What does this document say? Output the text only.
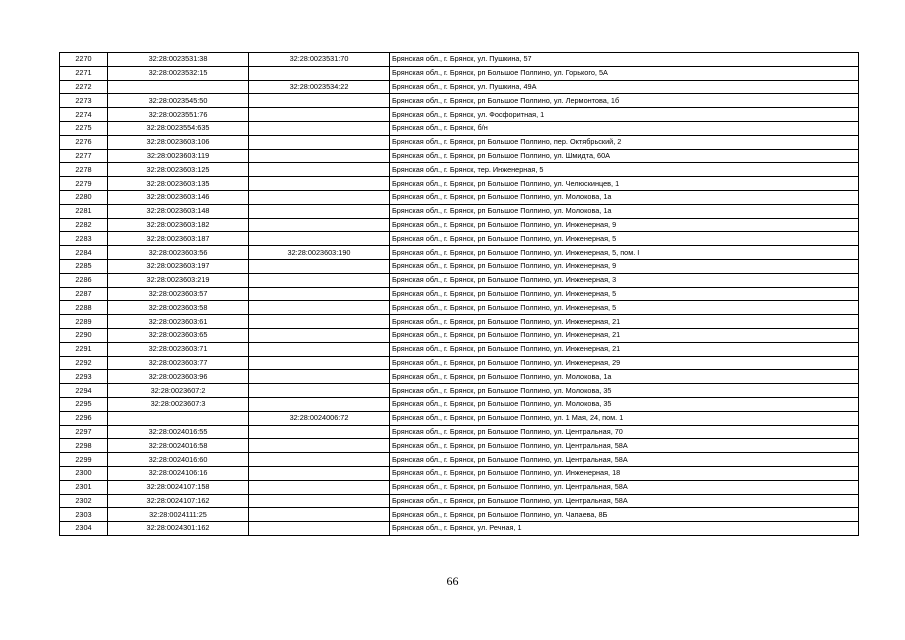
2270	32:28:0023531:38	32:28:0023531:70	Брянская обл., г. Брянск, ул. Пушкина, 57
2271	32:28:0023532:15		Брянская обл., г. Брянск, рп Большое Полпино, ул. Горького, 5А
2272		32:28:0023534:22	Брянская обл., г. Брянск, ул. Пушкина, 49А
2273	32:28:0023545:50		Брянская обл., г. Брянск, рп Большое Полпино, ул. Лермонтова, 1б
2274	32:28:0023551:76		Брянская обл., г. Брянск, ул. Фосфоритная, 1
2275	32:28:0023554:635		Брянская обл., г. Брянск, б/н
2276	32:28:0023603:106		Брянская обл., г. Брянск, рп Большое Полпино, пер. Октябрьский, 2
2277	32:28:0023603:119		Брянская обл., г. Брянск, рп Большое Полпино, ул. Шмидта, 60А
2278	32:28:0023603:125		Брянская обл., г. Брянск, тер. Инженерная, 5
2279	32:28:0023603:135		Брянская обл., г. Брянск, рп Большое Полпино, ул. Челюскинцев, 1
2280	32:28:0023603:146		Брянская обл., г. Брянск, рп Большое Полпино, ул. Молокова, 1а
2281	32:28:0023603:148		Брянская обл., г. Брянск, рп Большое Полпино, ул. Молокова, 1а
2282	32:28:0023603:182		Брянская обл., г. Брянск, рп Большое Полпино, ул. Инженерная, 9
2283	32:28:0023603:187		Брянская обл., г. Брянск, рп Большое Полпино, ул. Инженерная, 5
2284	32:28:0023603:56	32:28:0023603:190	Брянская обл., г. Брянск, рп Большое Полпино, ул. Инженерная, 5, пом. I
2285	32:28:0023603:197		Брянская обл., г. Брянск, рп Большое Полпино, ул. Инженерная, 9
2286	32:28:0023603:219		Брянская обл., г. Брянск, рп Большое Полпино, ул. Инженерная, 3
2287	32:28:0023603:57		Брянская обл., г. Брянск, рп Большое Полпино, ул. Инженерная, 5
2288	32:28:0023603:58		Брянская обл., г. Брянск, рп Большое Полпино, ул. Инженерная, 5
2289	32:28:0023603:61		Брянская обл., г. Брянск, рп Большое Полпино, ул. Инженерная, 21
2290	32:28:0023603:65		Брянская обл., г. Брянск, рп Большое Полпино, ул. Инженерная, 21
2291	32:28:0023603:71		Брянская обл., г. Брянск, рп Большое Полпино, ул. Инженерная, 21
2292	32:28:0023603:77		Брянская обл., г. Брянск, рп Большое Полпино, ул. Инженерная, 29
2293	32:28:0023603:96		Брянская обл., г. Брянск, рп Большое Полпино, ул. Молокова, 1а
2294	32:28:0023607:2		Брянская обл., г. Брянск, рп Большое Полпино, ул. Молокова, 35
2295	32:28:0023607:3		Брянская обл., г. Брянск, рп Большое Полпино, ул. Молокова, 35
2296		32:28:0024006:72	Брянская обл., г. Брянск, рп Большое Полпино, ул. 1 Мая, 24, пом. 1
2297	32:28:0024016:55		Брянская обл., г. Брянск, рп Большое Полпино, ул. Центральная, 70
2298	32:28:0024016:58		Брянская обл., г. Брянск, рп Большое Полпино, ул. Центральная, 58А
2299	32:28:0024016:60		Брянская обл., г. Брянск, рп Большое Полпино, ул. Центральная, 58А
2300	32:28:0024106:16		Брянская обл., г. Брянск, рп Большое Полпино, ул. Инженерная, 18
2301	32:28:0024107:158		Брянская обл., г. Брянск, рп Большое Полпино, ул. Центральная, 58А
2302	32:28:0024107:162		Брянская обл., г. Брянск, рп Большое Полпино, ул. Центральная, 58А
2303	32:28:0024111:25		Брянская обл., г. Брянск, рп Большое Полпино, ул. Чапаева, 8Б
2304	32:28:0024301:162		Брянская обл., г. Брянск, ул. Речная, 1
66
